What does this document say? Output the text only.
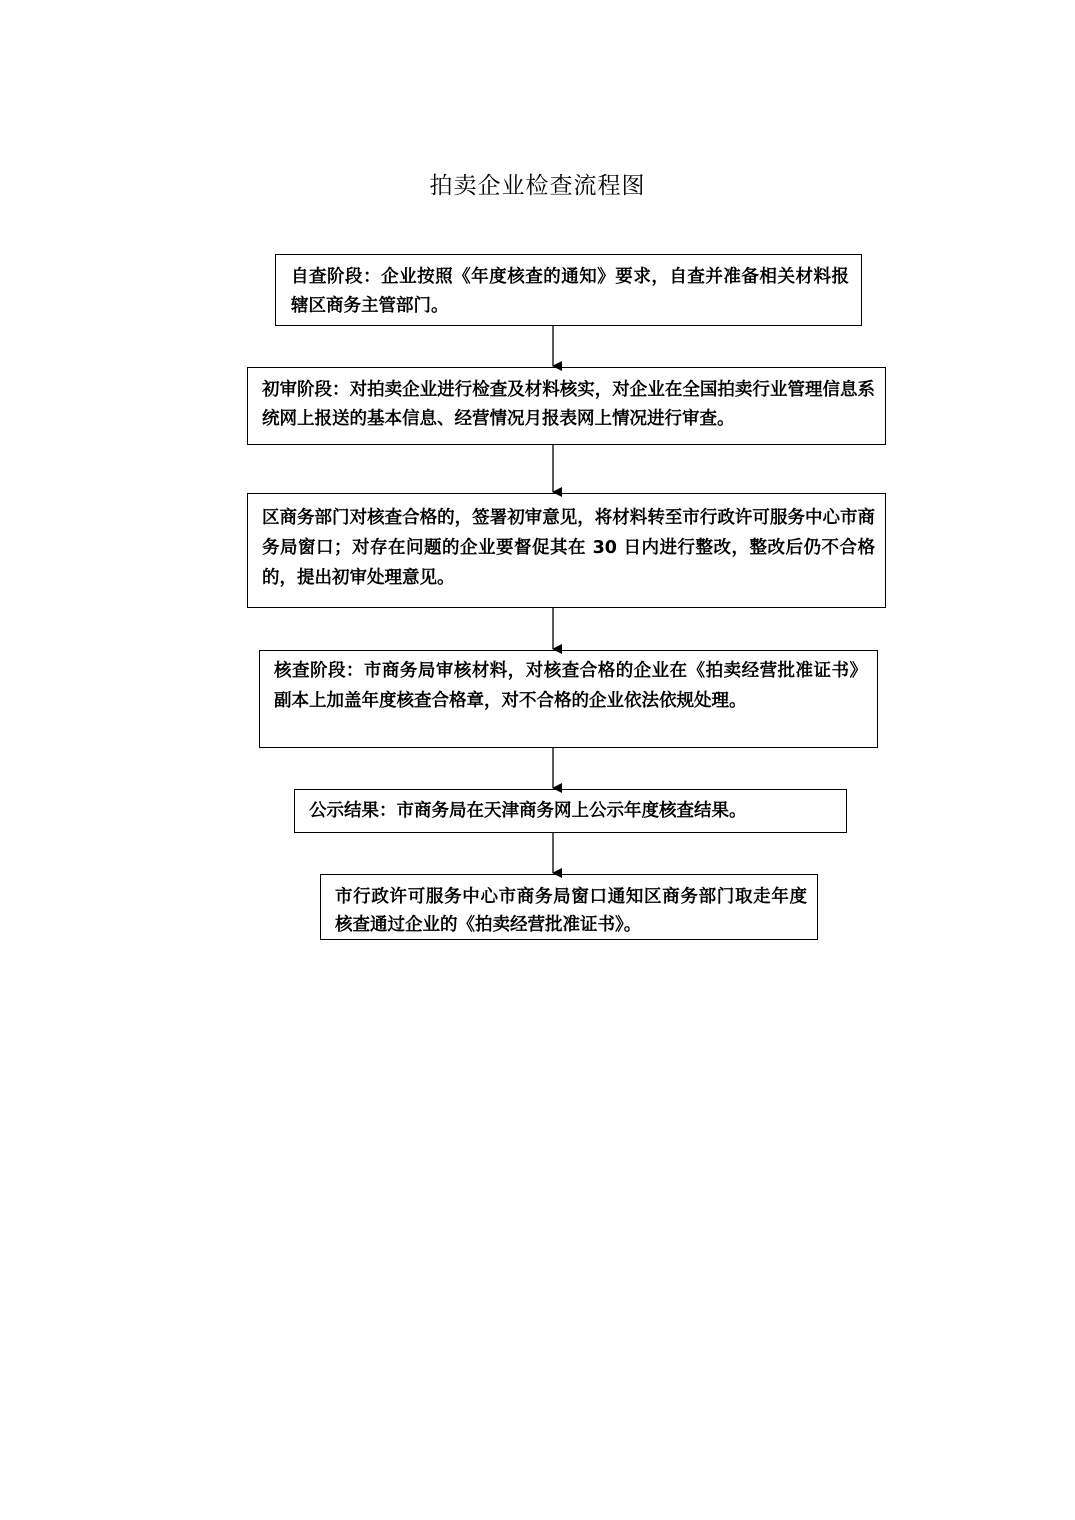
拍卖企业检查流程图
自查阶段：企业按照《年度核查的通知》要求，自查并准备相关材料报辖区商务主管部门。
初审阶段：对拍卖企业进行检查及材料核实，对企业在全国拍卖行业管理信息系统网上报送的基本信息、经营情况月报表网上情况进行审查。
区商务部门对核查合格的，签署初审意见，将材料转至市行政许可服务中心市商务局窗口；对存在问题的企业要督促其在 30 日内进行整改，整改后仍不合格的，提出初审处理意见。
核查阶段：市商务局审核材料，对核查合格的企业在《拍卖经营批准证书》副本上加盖年度核查合格章，对不合格的企业依法依规处理。
公示结果：市商务局在天津商务网上公示年度核查结果。
市行政许可服务中心市商务局窗口通知区商务部门取走年度核查通过企业的《拍卖经营批准证书》。
